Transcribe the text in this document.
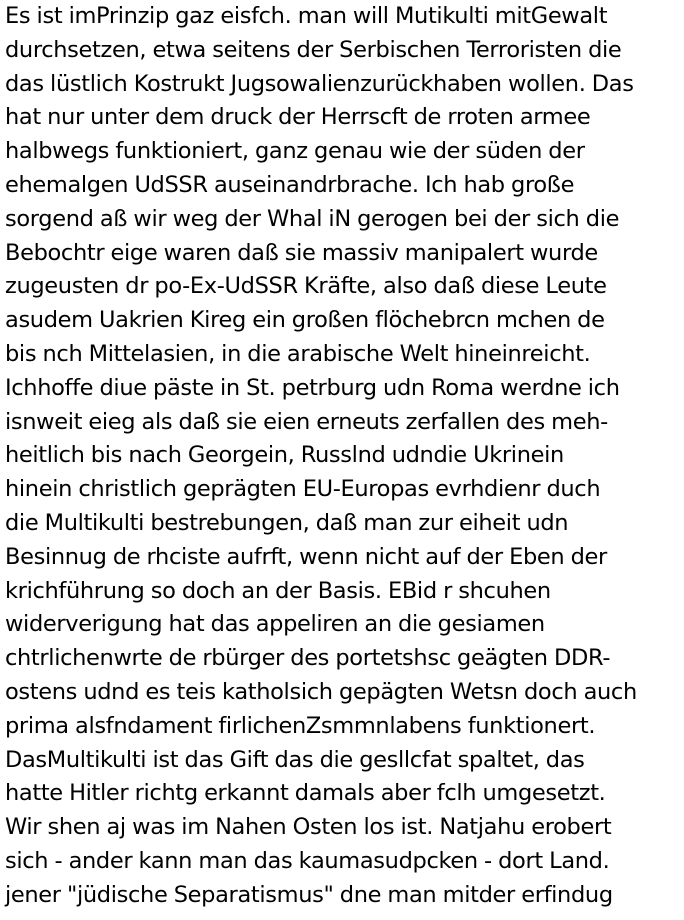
Es ist imPrinzip gaz eisfch. man will Mutikulti mitGewalt
durchsetzen, etwa seitens der Serbischen Terroristen die
das lüstlich Kostrukt Jugsowalienzurückhaben wollen. Das
hat nur unter dem druck der Herrscft de rroten armee
halbwegs funktioniert, ganz genau wie der süden der
ehemalgen UdSSR auseinandrbrache. Ich hab große
sorgend aß wir weg der Whal iN gerogen bei der sich die
Bebochtr eige waren daß sie massiv manipalert wurde
zugeusten dr po-Ex-UdSSR Kräfte, also daß diese Leute
asudem Uakrien Kireg ein großen flöchebrcn mchen de
bis nch Mittelasien, in die arabische Welt hineinreicht.
Ichhoffe diue päste in St. petrburg udn Roma werdne ich
isnweit eieg als daß sie eien erneuts zerfallen des meh-
heitlich bis nach Georgein, Russlnd udndie Ukrinein
hinein christlich geprägten EU-Europas evrhdienr duch
die Multikulti bestrebungen, daß man zur eiheit udn
Besinnug de rhciste aufrft, wenn nicht auf der Eben der
krichführung so doch an der Basis. EBid r shcuhen
widerverigung hat das appeliren an die gesiamen
chtrlichenwrte de rbürger des portetshsc geägten DDR-
ostens udnd es teis katholsich gepägten Wetsn doch auch
prima alsfndament firlichenZsmmnlabens funktionert.
DasMultikulti ist das Gift das die gesllcfat spaltet, das
hatte Hitler richtg erkannt damals aber fclh umgesetzt.
Wir shen aj was im Nahen Osten los ist. Natjahu erobert
sich - ander kann man das kaumasudpcken - dort Land.
jener "jüdische Separatismus" dne man mitder erfindug
